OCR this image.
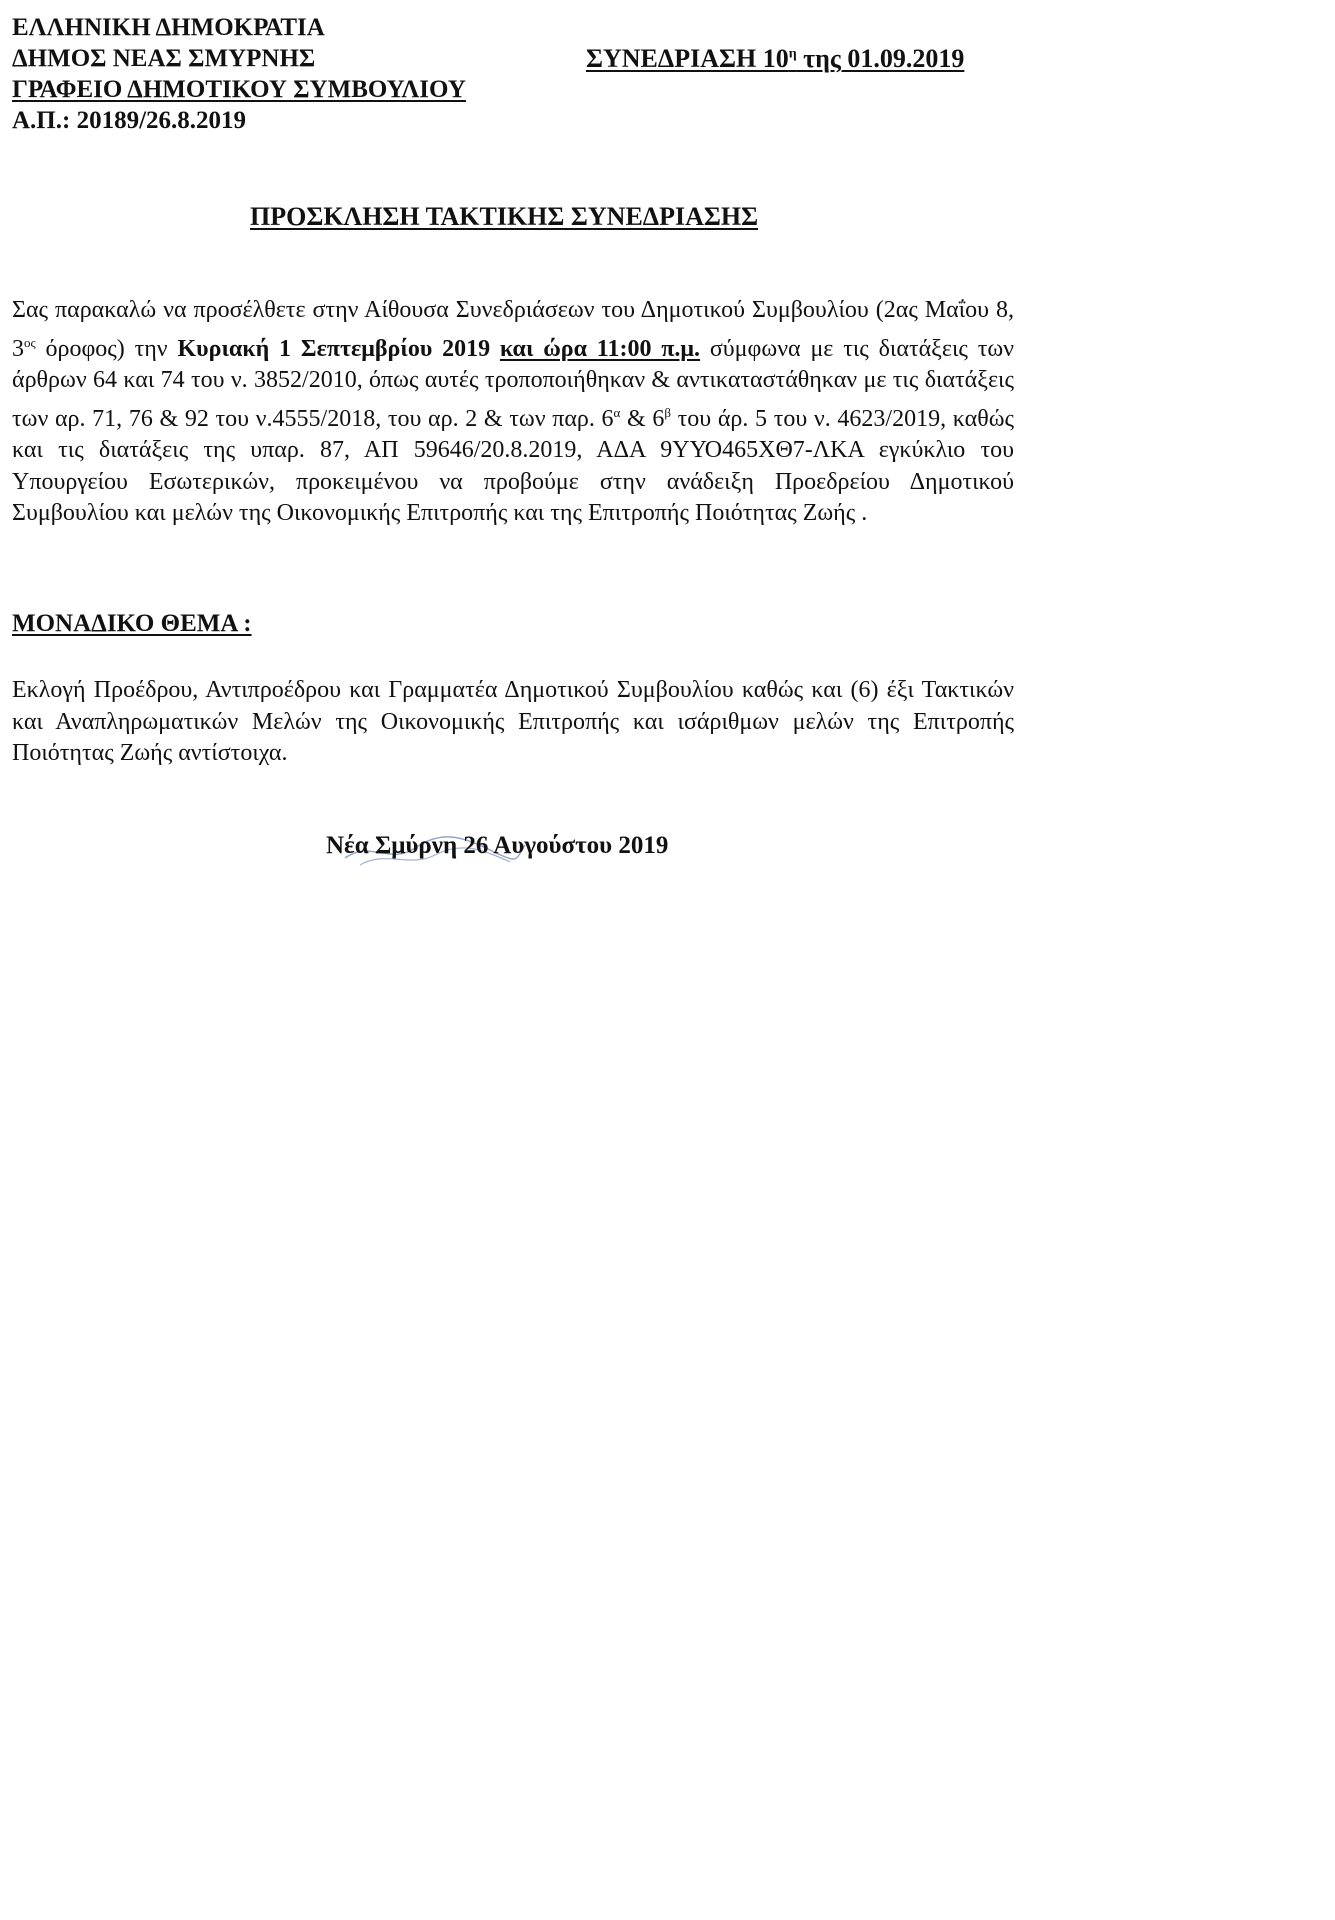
ΕΛΛΗΝΙΚΗ ΔΗΜΟΚΡΑΤΙΑ
ΔΗΜΟΣ ΝΕΑΣ ΣΜΥΡΝΗΣ
ΓΡΑΦΕΙΟ ΔΗΜΟΤΙΚΟΥ ΣΥΜΒΟΥΛΙΟΥ
Α.Π.: 20189/26.8.2019
ΣΥΝΕΔΡΙΑΣΗ $10^\eta$ της 01.09.2019
ΠΡΟΣΚΛΗΣΗ ΤΑΚΤΙΚΗΣ ΣΥΝΕΔΡΙΑΣΗΣ
Σας παρακαλώ να προσέλθετε στην Αίθουσα Συνεδριάσεων του Δημοτικού Συμβουλίου (2ας Μαΐου 8, $3^{o\varsigma}$ όροφος) την Κυριακή 1 Σεπτεμβρίου 2019 και ώρα 11:00 π.μ. σύμφωνα με τις διατάξεις των άρθρων 64 και 74 του ν. 3852/2010, όπως αυτές τροποποιήθηκαν & αντικαταστάθηκαν με τις διατάξεις των αρ. 71, 76 & 92 του ν.4555/2018, του αρ. 2 & των παρ. $6^\alpha$ & $6^\beta$ του άρ. 5 του ν. 4623/2019, καθώς και τις διατάξεις της υπαρ. 87, ΑΠ 59646/20.8.2019, ΑΔΑ 9ΥΥΟ465ΧΘ7-ΛΚΑ εγκύκλιο του Υπουργείου Εσωτερικών, προκειμένου να προβούμε στην ανάδειξη Προεδρείου Δημοτικού Συμβουλίου και μελών της Οικονομικής Επιτροπής και της Επιτροπής Ποιότητας Ζωής .
ΜΟΝΑΔΙΚΟ ΘΕΜΑ :
Εκλογή Προέδρου, Αντιπροέδρου και Γραμματέα Δημοτικού Συμβουλίου καθώς και (6) έξι Τακτικών και Αναπληρωματικών Μελών της Οικονομικής Επιτροπής και ισάριθμων μελών της Επιτροπής Ποιότητας Ζωής αντίστοιχα.
Νέα Σμύρνη 26 Αυγούστου 2019
